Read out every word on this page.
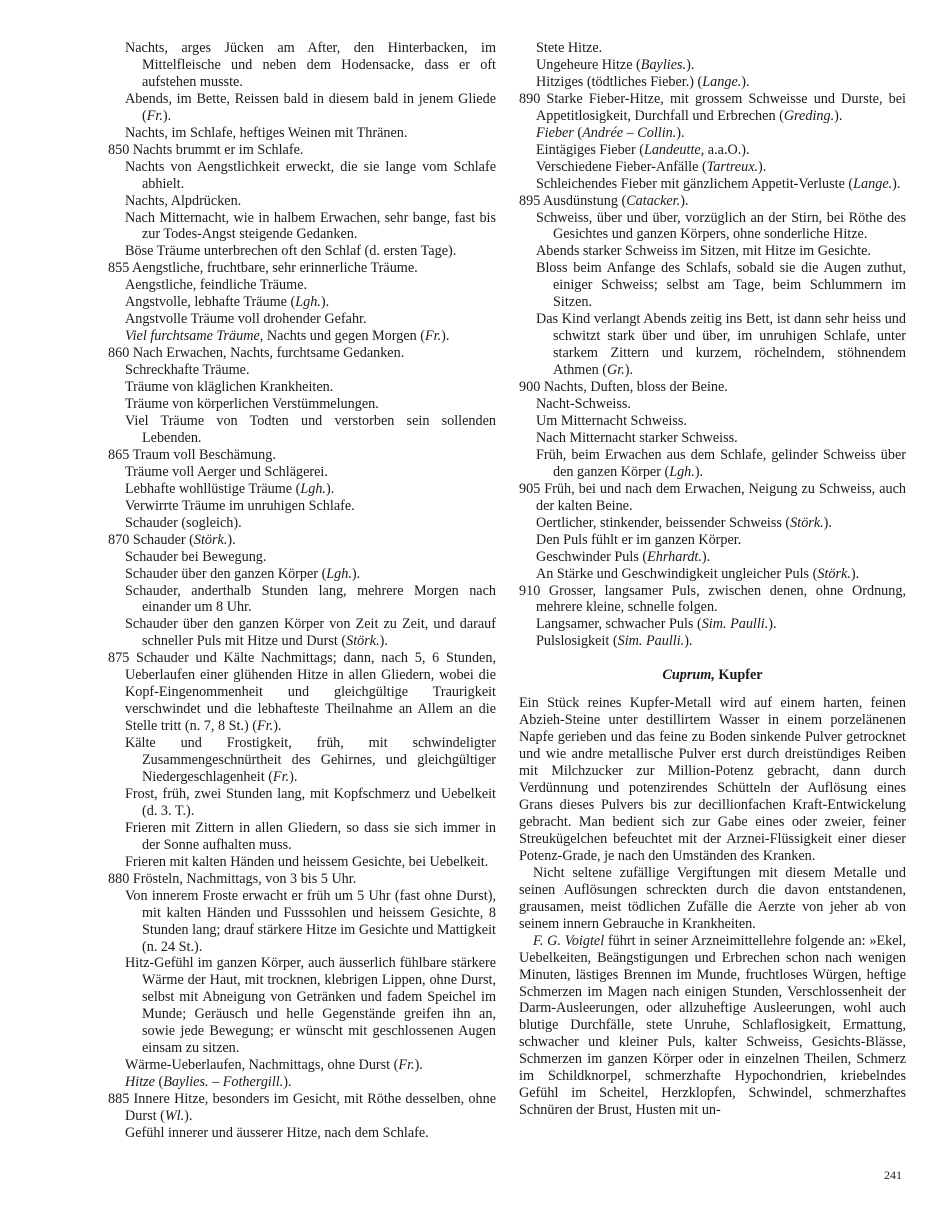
Nachts, arges Jücken am After, den Hinterbacken, im Mittelfleische und neben dem Hodensacke, dass er oft aufstehen musste.
Abends, im Bette, Reissen bald in diesem bald in jenem Gliede (Fr.).
Nachts, im Schlafe, heftiges Weinen mit Thränen.
850 Nachts brummt er im Schlafe.
Nachts von Aengstlichkeit erweckt, die sie lange vom Schlafe abhielt.
Nachts, Alpdrücken.
Nach Mitternacht, wie in halbem Erwachen, sehr bange, fast bis zur Todes-Angst steigende Gedanken.
Böse Träume unterbrechen oft den Schlaf (d. ersten Tage).
855 Aengstliche, fruchtbare, sehr erinnerliche Träume.
Aengstliche, feindliche Träume.
Angstvolle, lebhafte Träume (Lgh.).
Angstvolle Träume voll drohender Gefahr.
Viel furchtsame Träume, Nachts und gegen Morgen (Fr.).
860 Nach Erwachen, Nachts, furchtsame Gedanken.
Schreckhafte Träume.
Träume von kläglichen Krankheiten.
Träume von körperlichen Verstümmelungen.
Viel Träume von Todten und verstorben sein sollenden Lebenden.
865 Traum voll Beschämung.
Träume voll Aerger und Schlägerei.
Lebhafte wohllüstige Träume (Lgh.).
Verwirrte Träume im unruhigen Schlafe.
Schauder (sogleich).
870 Schauder (Störk.).
Schauder bei Bewegung.
Schauder über den ganzen Körper (Lgh.).
Schauder, anderthalb Stunden lang, mehrere Morgen nach einander um 8 Uhr.
Schauder über den ganzen Körper von Zeit zu Zeit, und darauf schneller Puls mit Hitze und Durst (Störk.).
875 Schauder und Kälte Nachmittags; dann, nach 5, 6 Stunden, Ueberlaufen einer glühenden Hitze in allen Gliedern, wobei die Kopf-Eingenommenheit und gleichgültige Traurigkeit verschwindet und die lebhafteste Theilnahme an Allem an die Stelle tritt (n. 7, 8 St.) (Fr.).
Kälte und Frostigkeit, früh, mit schwindeligter Zusammengeschnürtheit des Gehirnes, und gleichgültiger Niedergeschlagenheit (Fr.).
Frost, früh, zwei Stunden lang, mit Kopfschmerz und Uebelkeit (d. 3. T.).
Frieren mit Zittern in allen Gliedern, so dass sie sich immer in der Sonne aufhalten muss.
Frieren mit kalten Händen und heissem Gesichte, bei Uebelkeit.
880 Frösteln, Nachmittags, von 3 bis 5 Uhr.
Von innerem Froste erwacht er früh um 5 Uhr (fast ohne Durst), mit kalten Händen und Fusssohlen und heissem Gesichte, 8 Stunden lang; drauf stärkere Hitze im Gesichte und Mattigkeit (n. 24 St.).
Hitz-Gefühl im ganzen Körper, auch äusserlich fühlbare stärkere Wärme der Haut, mit trocknen, klebrigen Lippen, ohne Durst, selbst mit Abneigung von Getränken und fadem Speichel im Munde; Geräusch und helle Gegenstände greifen ihn an, sowie jede Bewegung; er wünscht mit geschlossenen Augen einsam zu sitzen.
Wärme-Ueberlaufen, Nachmittags, ohne Durst (Fr.).
Hitze (Baylies. – Fothergill.).
885 Innere Hitze, besonders im Gesicht, mit Röthe desselben, ohne Durst (Wl.).
Gefühl innerer und äusserer Hitze, nach dem Schlafe.
Stete Hitze.
Ungeheure Hitze (Baylies.).
Hitziges (tödtliches Fieber.) (Lange.).
890 Starke Fieber-Hitze, mit grossem Schweisse und Durste, bei Appetitlosigkeit, Durchfall und Erbrechen (Greding.).
Fieber (Andrée – Collin.).
Eintägiges Fieber (Landeutte, a.a.O.).
Verschiedene Fieber-Anfälle (Tartreux.).
Schleichendes Fieber mit gänzlichem Appetit-Verluste (Lange.).
895 Ausdünstung (Catacker.).
Schweiss, über und über, vorzüglich an der Stirn, bei Röthe des Gesichtes und ganzen Körpers, ohne sonderliche Hitze.
Abends starker Schweiss im Sitzen, mit Hitze im Gesichte.
Bloss beim Anfange des Schlafs, sobald sie die Augen zuthut, einiger Schweiss; selbst am Tage, beim Schlummern im Sitzen.
Das Kind verlangt Abends zeitig ins Bett, ist dann sehr heiss und schwitzt stark über und über, im unruhigen Schlafe, unter starkem Zittern und kurzem, röchelndem, stöhnendem Athmen (Gr.).
900 Nachts, Duften, bloss der Beine.
Nacht-Schweiss.
Um Mitternacht Schweiss.
Nach Mitternacht starker Schweiss.
Früh, beim Erwachen aus dem Schlafe, gelinder Schweiss über den ganzen Körper (Lgh.).
905 Früh, bei und nach dem Erwachen, Neigung zu Schweiss, auch der kalten Beine.
Oertlicher, stinkender, beissender Schweiss (Störk.).
Den Puls fühlt er im ganzen Körper.
Geschwinder Puls (Ehrhardt.).
An Stärke und Geschwindigkeit ungleicher Puls (Störk.).
910 Grosser, langsamer Puls, zwischen denen, ohne Ordnung, mehrere kleine, schnelle folgen.
Langsamer, schwacher Puls (Sim. Paulli.).
Pulslosigkeit (Sim. Paulli.).
Cuprum, Kupfer

Ein Stück reines Kupfer-Metall wird auf einem harten, feinen Abzieh-Steine unter destillirtem Wasser in einem porzelänenen Napfe gerieben und das feine zu Boden sinkende Pulver getrocknet und wie andre metallische Pulver erst durch dreistündiges Reiben mit Milchzucker zur Million-Potenz gebracht, dann durch Verdünnung und potenzirendes Schütteln der Auflösung eines Grans dieses Pulvers bis zur decillionfachen Kraft-Entwickelung gebracht. Man bedient sich zur Gabe eines oder zweier, feiner Streukügelchen befeuchtet mit der Arznei-Flüssigkeit einer dieser Potenz-Grade, je nach den Umständen des Kranken.

Nicht seltene zufällige Vergiftungen mit diesem Metalle und seinen Auflösungen schreckten durch die davon entstandenen, grausamen, meist tödlichen Zufälle die Aerzte von jeher ab von seinem innern Gebrauche in Krankheiten.

F. G. Voigtel führt in seiner Arzneimittellehre folgende an: »Ekel, Uebelkeiten, Beängstigungen und Erbrechen schon nach wenigen Minuten, lästiges Brennen im Munde, fruchtloses Würgen, heftige Schmerzen im Magen nach einigen Stunden, Verschlossenheit der Darm-Ausleerungen, oder allzuheftige Ausleerungen, wohl auch blutige Durchfälle, stete Unruhe, Schlaflosigkeit, Ermattung, schwacher und kleiner Puls, kalter Schweiss, Gesichts-Blässe, Schmerzen im ganzen Körper oder in einzelnen Theilen, Schmerz im Schildknorpel, schmerzhafte Hypochondrien, kriebelndes Gefühl im Scheitel, Herzklopfen, Schwindel, schmerzhaftes Schnüren der Brust, Husten mit un-

241
